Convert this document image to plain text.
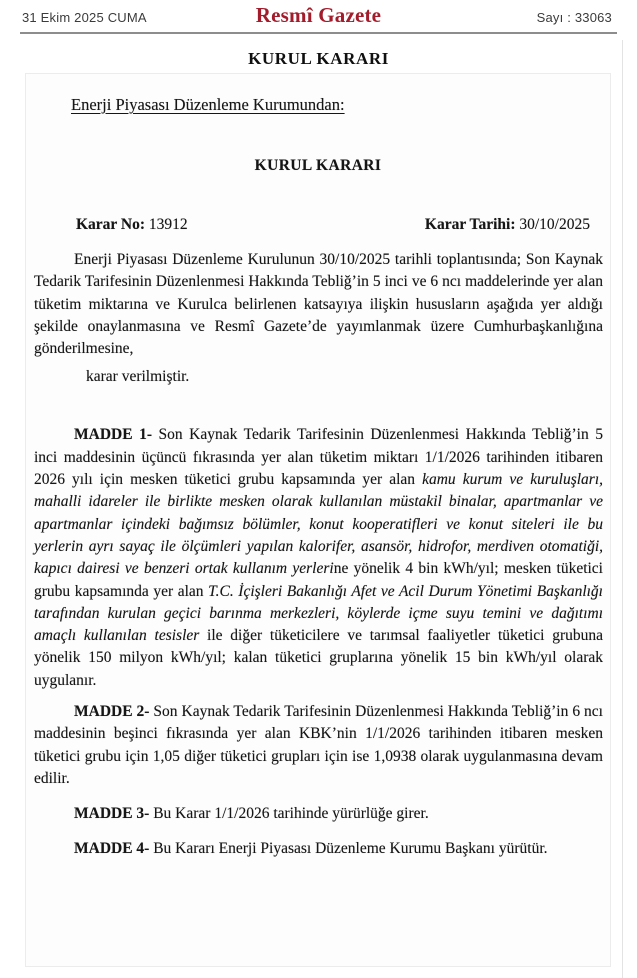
31 Ekim 2025 CUMA	Resmî Gazete	Sayı : 33063
KURUL KARARI
Enerji Piyasası Düzenleme Kurumundan:
KURUL KARARI
Karar No: 13912	Karar Tarihi: 30/10/2025

Enerji Piyasası Düzenleme Kurulunun 30/10/2025 tarihli toplantısında; Son Kaynak Tedarik Tarifesinin Düzenlenmesi Hakkında Tebliğ’in 5 inci ve 6 ncı maddelerinde yer alan tüketim miktarına ve Kurulca belirlenen katsayıya ilişkin hususların aşağıda yer aldığı şekilde onaylanmasına ve Resmî Gazete’de yayımlanmak üzere Cumhurbaşkanlığına gönderilmesine,

karar verilmiştir.

MADDE 1- Son Kaynak Tedarik Tarifesinin Düzenlenmesi Hakkında Tebliğ’in 5 inci maddesinin üçüncü fıkrasında yer alan tüketim miktarı 1/1/2026 tarihinden itibaren 2026 yılı için mesken tüketici grubu kapsamında yer alan kamu kurum ve kuruluşları, mahalli idareler ile birlikte mesken olarak kullanılan müstakil binalar, apartmanlar ve apartmanlar içindeki bağımsız bölümler, konut kooperatifleri ve konut siteleri ile bu yerlerin ayrı sayaç ile ölçümleri yapılan kalorifer, asansör, hidrofor, merdiven otomatiği, kapıcı dairesi ve benzeri ortak kullanım yerlerine yönelik 4 bin kWh/yıl; mesken tüketici grubu kapsamında yer alan T.C. İçişleri Bakanlığı Afet ve Acil Durum Yönetimi Başkanlığı tarafından kurulan geçici barınma merkezleri, köylerde içme suyu temini ve dağıtımı amaçlı kullanılan tesisler ile diğer tüketicilere ve tarımsal faaliyetler tüketici grubuna yönelik 150 milyon kWh/yıl; kalan tüketici gruplarına yönelik 15 bin kWh/yıl olarak uygulanır.

MADDE 2- Son Kaynak Tedarik Tarifesinin Düzenlenmesi Hakkında Tebliğ’in 6 ncı maddesinin beşinci fıkrasında yer alan KBK’nin 1/1/2026 tarihinden itibaren mesken tüketici grubu için 1,05 diğer tüketici grupları için ise 1,0938 olarak uygulanmasına devam edilir.

MADDE 3- Bu Karar 1/1/2026 tarihinde yürürlüğe girer.

MADDE 4- Bu Kararı Enerji Piyasası Düzenleme Kurumu Başkanı yürütür.
